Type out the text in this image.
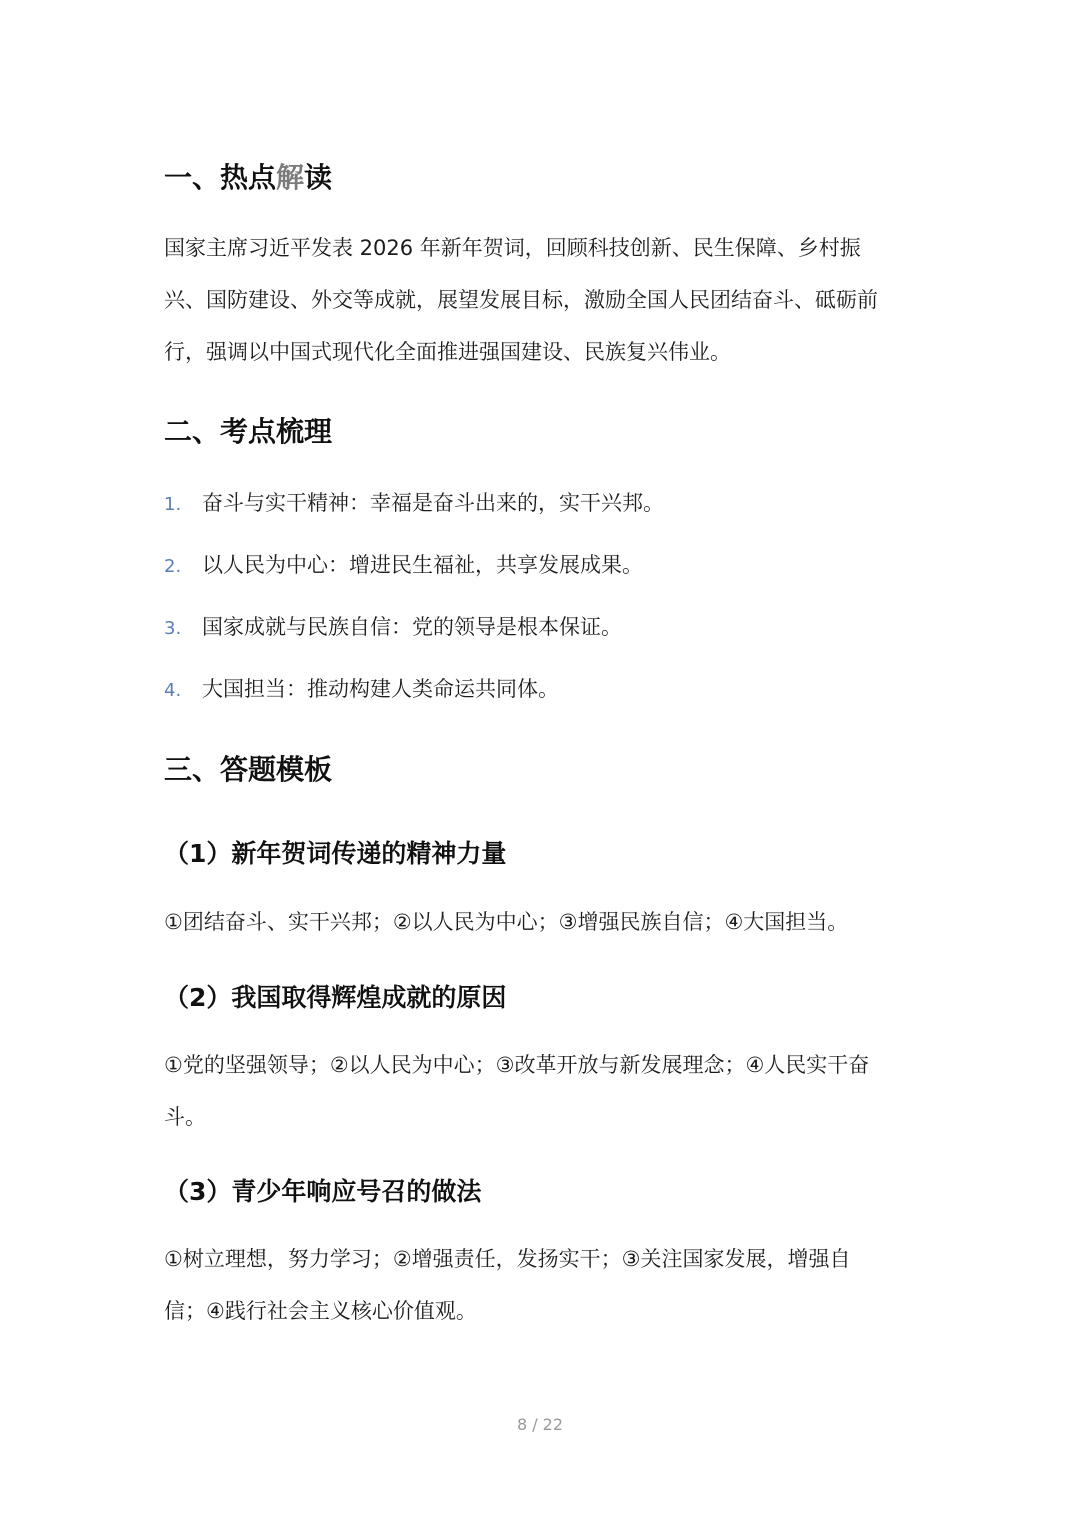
一、热点解读

国家主席习近平发表 2026 年新年贺词，回顾科技创新、民生保障、乡村振
兴、国防建设、外交等成就，展望发展目标，激励全国人民团结奋斗、砥砺前
行，强调以中国式现代化全面推进强国建设、民族复兴伟业。

二、考点梳理
1. 奋斗与实干精神：幸福是奋斗出来的，实干兴邦。
2. 以人民为中心：增进民生福祉，共享发展成果。
3. 国家成就与民族自信：党的领导是根本保证。
4. 大国担当：推动构建人类命运共同体。
三、答题模板
（1）新年贺词传递的精神力量

①团结奋斗、实干兴邦；②以人民为中心；③增强民族自信；④大国担当。

（2）我国取得辉煌成就的原因

①党的坚强领导；②以人民为中心；③改革开放与新发展理念；④人民实干奋
斗。

（3）青少年响应号召的做法

①树立理想，努力学习；②增强责任，发扬实干；③关注国家发展，增强自
信；④践行社会主义核心价值观。

8 / 22
